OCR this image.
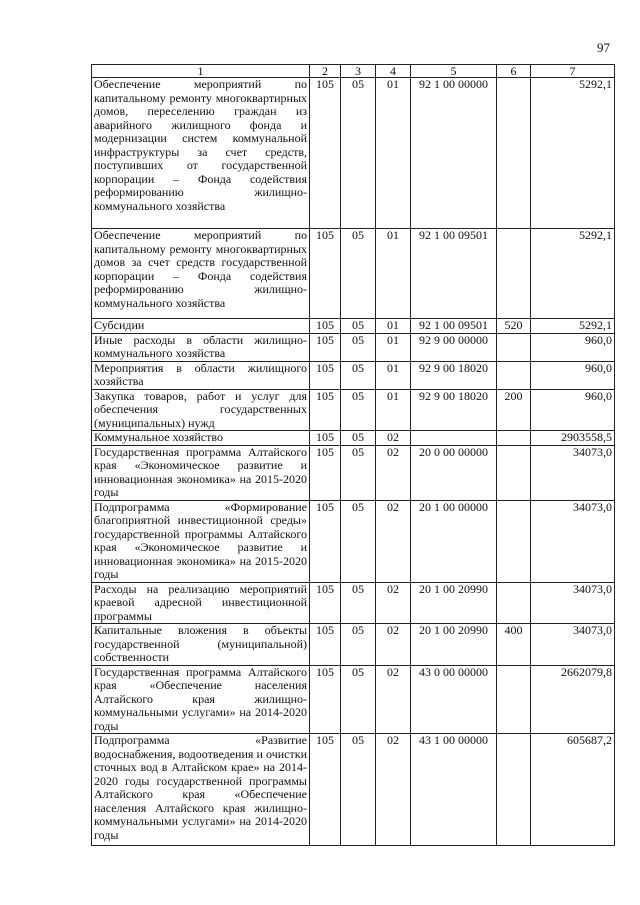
97
1	2	3	4	5	6	7
Обеспечение мероприятий по капитальному ремонту многоквартирных домов, переселению граждан из аварийного жилищного фонда и модернизации систем коммунальной инфраструктуры за счет средств, поступивших от государственной корпорации – Фонда содействия реформированию жилищно-коммунального хозяйства	105	05	01	92 1 00 00000		5292,1
Обеспечение мероприятий по капитальному ремонту многоквартирных домов за счет средств государственной корпорации – Фонда содействия реформированию жилищно-коммунального хозяйства	105	05	01	92 1 00 09501		5292,1
Субсидии	105	05	01	92 1 00 09501	520	5292,1
Иные расходы в области жилищно-коммунального хозяйства	105	05	01	92 9 00 00000		960,0
Мероприятия в области жилищного хозяйства	105	05	01	92 9 00 18020		960,0
Закупка товаров, работ и услуг для обеспечения государственных (муниципальных) нужд	105	05	01	92 9 00 18020	200	960,0
Коммунальное хозяйство	105	05	02			2903558,5
Государственная программа Алтайского края «Экономическое развитие и инновационная экономика» на 2015-2020 годы	105	05	02	20 0 00 00000		34073,0
Подпрограмма «Формирование благоприятной инвестиционной среды» государственной программы Алтайского края «Экономическое развитие и инновационная экономика» на 2015-2020 годы	105	05	02	20 1 00 00000		34073,0
Расходы на реализацию мероприятий краевой адресной инвестиционной программы	105	05	02	20 1 00 20990		34073,0
Капитальные вложения в объекты государственной (муниципальной) собственности	105	05	02	20 1 00 20990	400	34073,0
Государственная программа Алтайского края «Обеспечение населения Алтайского края жилищно-коммунальными услугами» на 2014-2020 годы	105	05	02	43 0 00 00000		2662079,8
Подпрограмма «Развитие водоснабжения, водоотведения и очистки сточных вод в Алтайском крае» на 2014-2020 годы государственной программы Алтайского края «Обеспечение населения Алтайского края жилищно-коммунальными услугами» на 2014-2020 годы	105	05	02	43 1 00 00000		605687,2
